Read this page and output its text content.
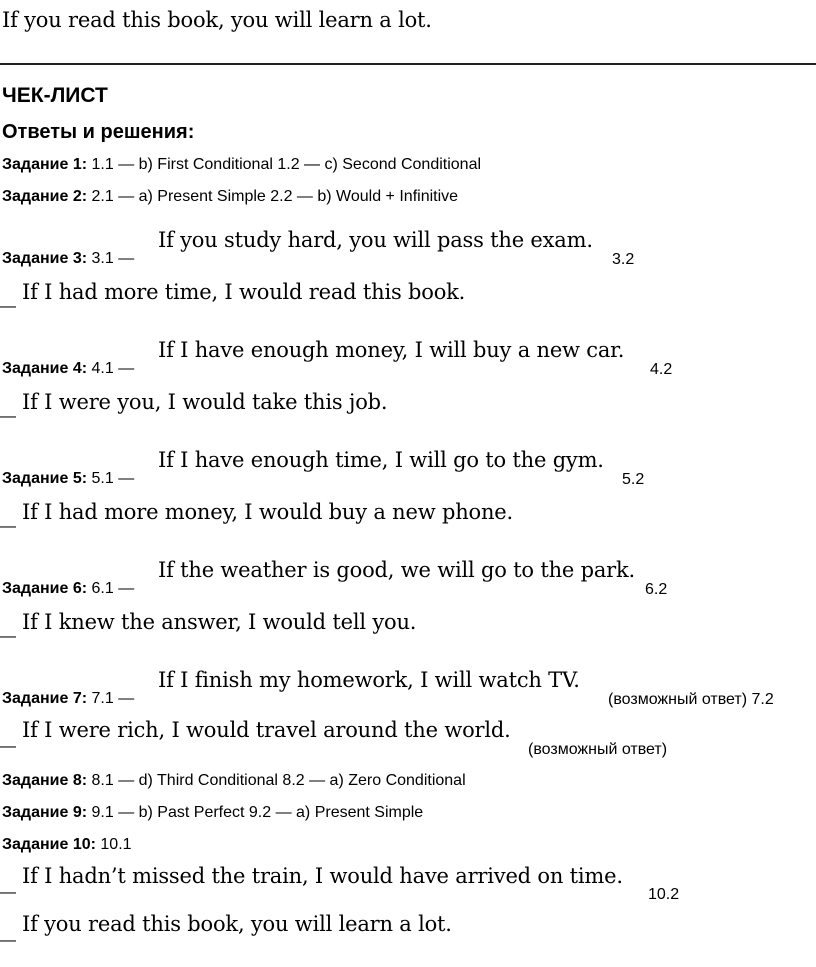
If you read this book, you will learn a lot.
ЧЕК-ЛИСТ
Ответы и решения:
Задание 1: 1.1 — b) First Conditional 1.2 — c) Second Conditional
Задание 2: 2.1 — a) Present Simple 2.2 — b) Would + Infinitive
Задание 3: 3.1 —
If you study hard, you will pass the exam.
3.2
—
If I had more time, I would read this book.
Задание 4: 4.1 —
If I have enough money, I will buy a new car.
4.2
—
If I were you, I would take this job.
Задание 5: 5.1 —
If I have enough time, I will go to the gym.
5.2
—
If I had more money, I would buy a new phone.
Задание 6: 6.1 —
If the weather is good, we will go to the park.
6.2
—
If I knew the answer, I would tell you.
Задание 7: 7.1 —
If I finish my homework, I will watch TV.
(возможный ответ) 7.2
—
If I were rich, I would travel around the world.
(возможный ответ)
Задание 8: 8.1 — d) Third Conditional 8.2 — a) Zero Conditional
Задание 9: 9.1 — b) Past Perfect 9.2 — a) Present Simple
Задание 10: 10.1
—
If I hadn’t missed the train, I would have arrived on time.
10.2
—
If you read this book, you will learn a lot.
